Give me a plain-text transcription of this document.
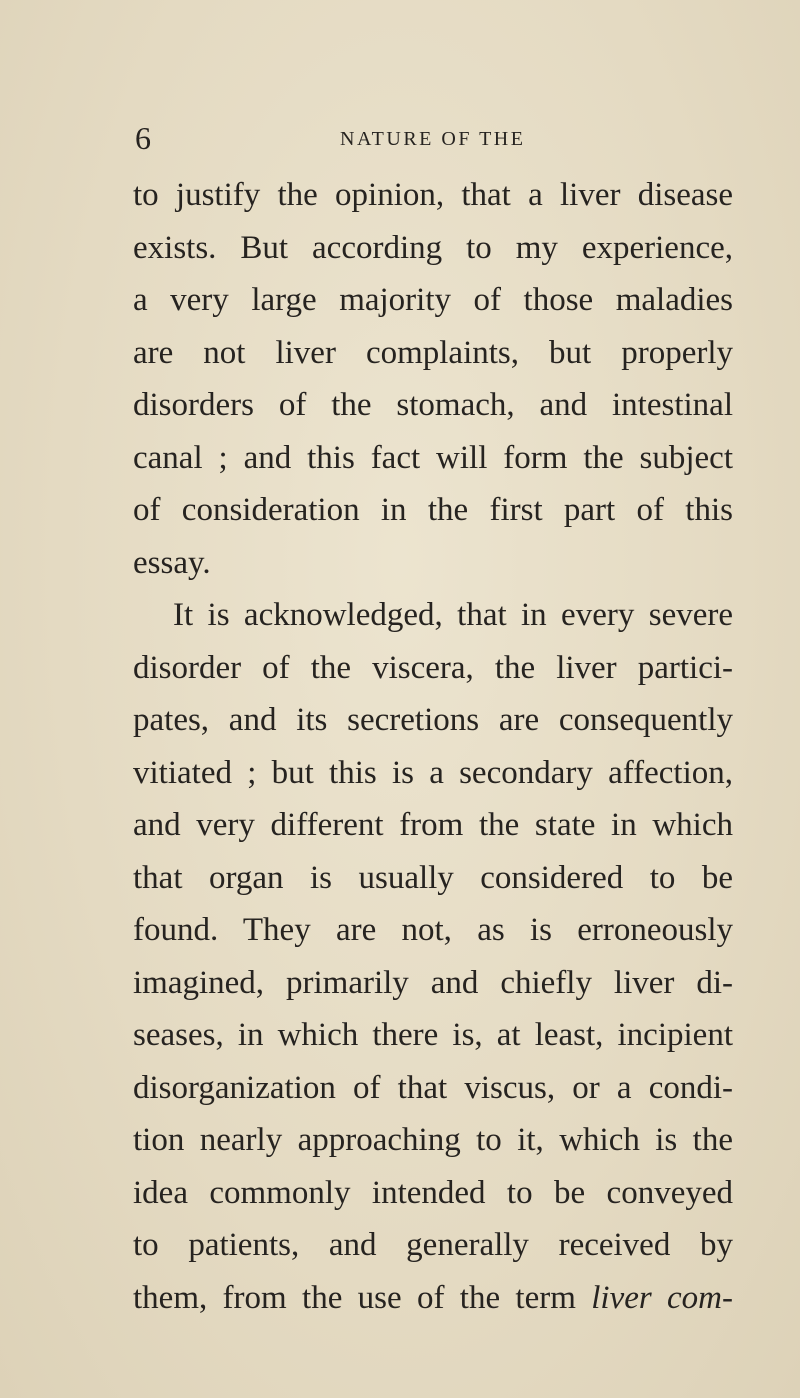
6	NATURE OF THE
to justify the opinion, that a liver disease
exists. But according to my experience,
a very large majority of those maladies
are not liver complaints, but properly
disorders of the stomach, and intestinal
canal ; and this fact will form the subject
of consideration in the first part of this
essay.
It is acknowledged, that in every severe
disorder of the viscera, the liver partici-
pates, and its secretions are consequently
vitiated ; but this is a secondary affection,
and very different from the state in which
that organ is usually considered to be
found. They are not, as is erroneously
imagined, primarily and chiefly liver di-
seases, in which there is, at least, incipient
disorganization of that viscus, or a condi-
tion nearly approaching to it, which is the
idea commonly intended to be conveyed
to patients, and generally received by
them, from the use of the term liver com-
